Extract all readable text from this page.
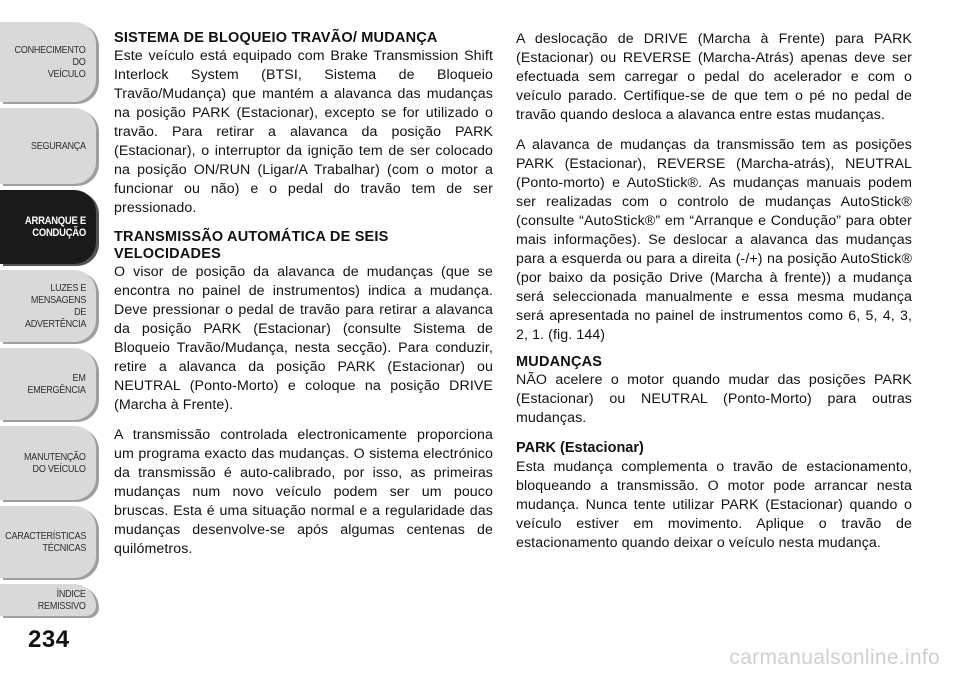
CONHECIMENTO
DO
VEÍCULO
SEGURANÇA
ARRANQUE E
CONDUÇÃO
LUZES E
MENSAGENS
DE
ADVERTÊNCIA
EM
EMERGÊNCIA
MANUTENÇÃO
DO VEÍCULO
CARACTERÍSTICAS
TÉCNICAS
ÍNDICE
REMISSIVO
234
SISTEMA DE BLOQUEIO TRAVÃO/ MUDANÇA

Este veículo está equipado com Brake Transmission Shift Interlock System (BTSI, Sistema de Bloqueio Travão/Mudança) que mantém a alavanca das mudanças na posição PARK (Estacionar), excepto se for utilizado o travão. Para retirar a alavanca da posição PARK (Estacionar), o interruptor da ignição tem de ser colocado na posição ON/RUN (Ligar/A Trabalhar) (com o motor a funcionar ou não) e o pedal do travão tem de ser pressionado.

TRANSMISSÃO AUTOMÁTICA DE SEIS VELOCIDADES

O visor de posição da alavanca de mudanças (que se encontra no painel de instrumentos) indica a mudança. Deve pressionar o pedal de travão para retirar a alavanca da posição PARK (Estacionar) (consulte Sistema de Bloqueio Travão/Mudança, nesta secção). Para conduzir, retire a alavanca da posição PARK (Estacionar) ou NEUTRAL (Ponto-Morto) e coloque na posição DRIVE (Marcha à Frente).

A transmissão controlada electronicamente proporciona um programa exacto das mudanças. O sistema electrónico da transmissão é auto-calibrado, por isso, as primeiras mudanças num novo veículo podem ser um pouco bruscas. Esta é uma situação normal e a regularidade das mudanças desenvolve-se após algumas centenas de quilómetros.

A deslocação de DRIVE (Marcha à Frente) para PARK (Estacionar) ou REVERSE (Marcha-Atrás) apenas deve ser efectuada sem carregar o pedal do acelerador e com o veículo parado. Certifique-se de que tem o pé no pedal de travão quando desloca a alavanca entre estas mudanças.

A alavanca de mudanças da transmissão tem as posições PARK (Estacionar), REVERSE (Marcha-atrás), NEUTRAL (Ponto-morto) e AutoStick®. As mudanças manuais podem ser realizadas com o controlo de mudanças AutoStick® (consulte “AutoStick®” em “Arranque e Condução” para obter mais informações). Se deslocar a alavanca das mudanças para a esquerda ou para a direita (-/+) na posição AutoStick® (por baixo da posição Drive (Marcha à frente)) a mudança será seleccionada manualmente e essa mesma mudança será apresentada no painel de instrumentos como 6, 5, 4, 3, 2, 1. (fig. 144)

MUDANÇAS

NÃO acelere o motor quando mudar das posições PARK (Estacionar) ou NEUTRAL (Ponto-Morto) para outras mudanças.

PARK (Estacionar)

Esta mudança complementa o travão de estacionamento, bloqueando a transmissão. O motor pode arrancar nesta mudança. Nunca tente utilizar PARK (Estacionar) quando o veículo estiver em movimento. Aplique o travão de estacionamento quando deixar o veículo nesta mudança.

carmanualsonline.info
